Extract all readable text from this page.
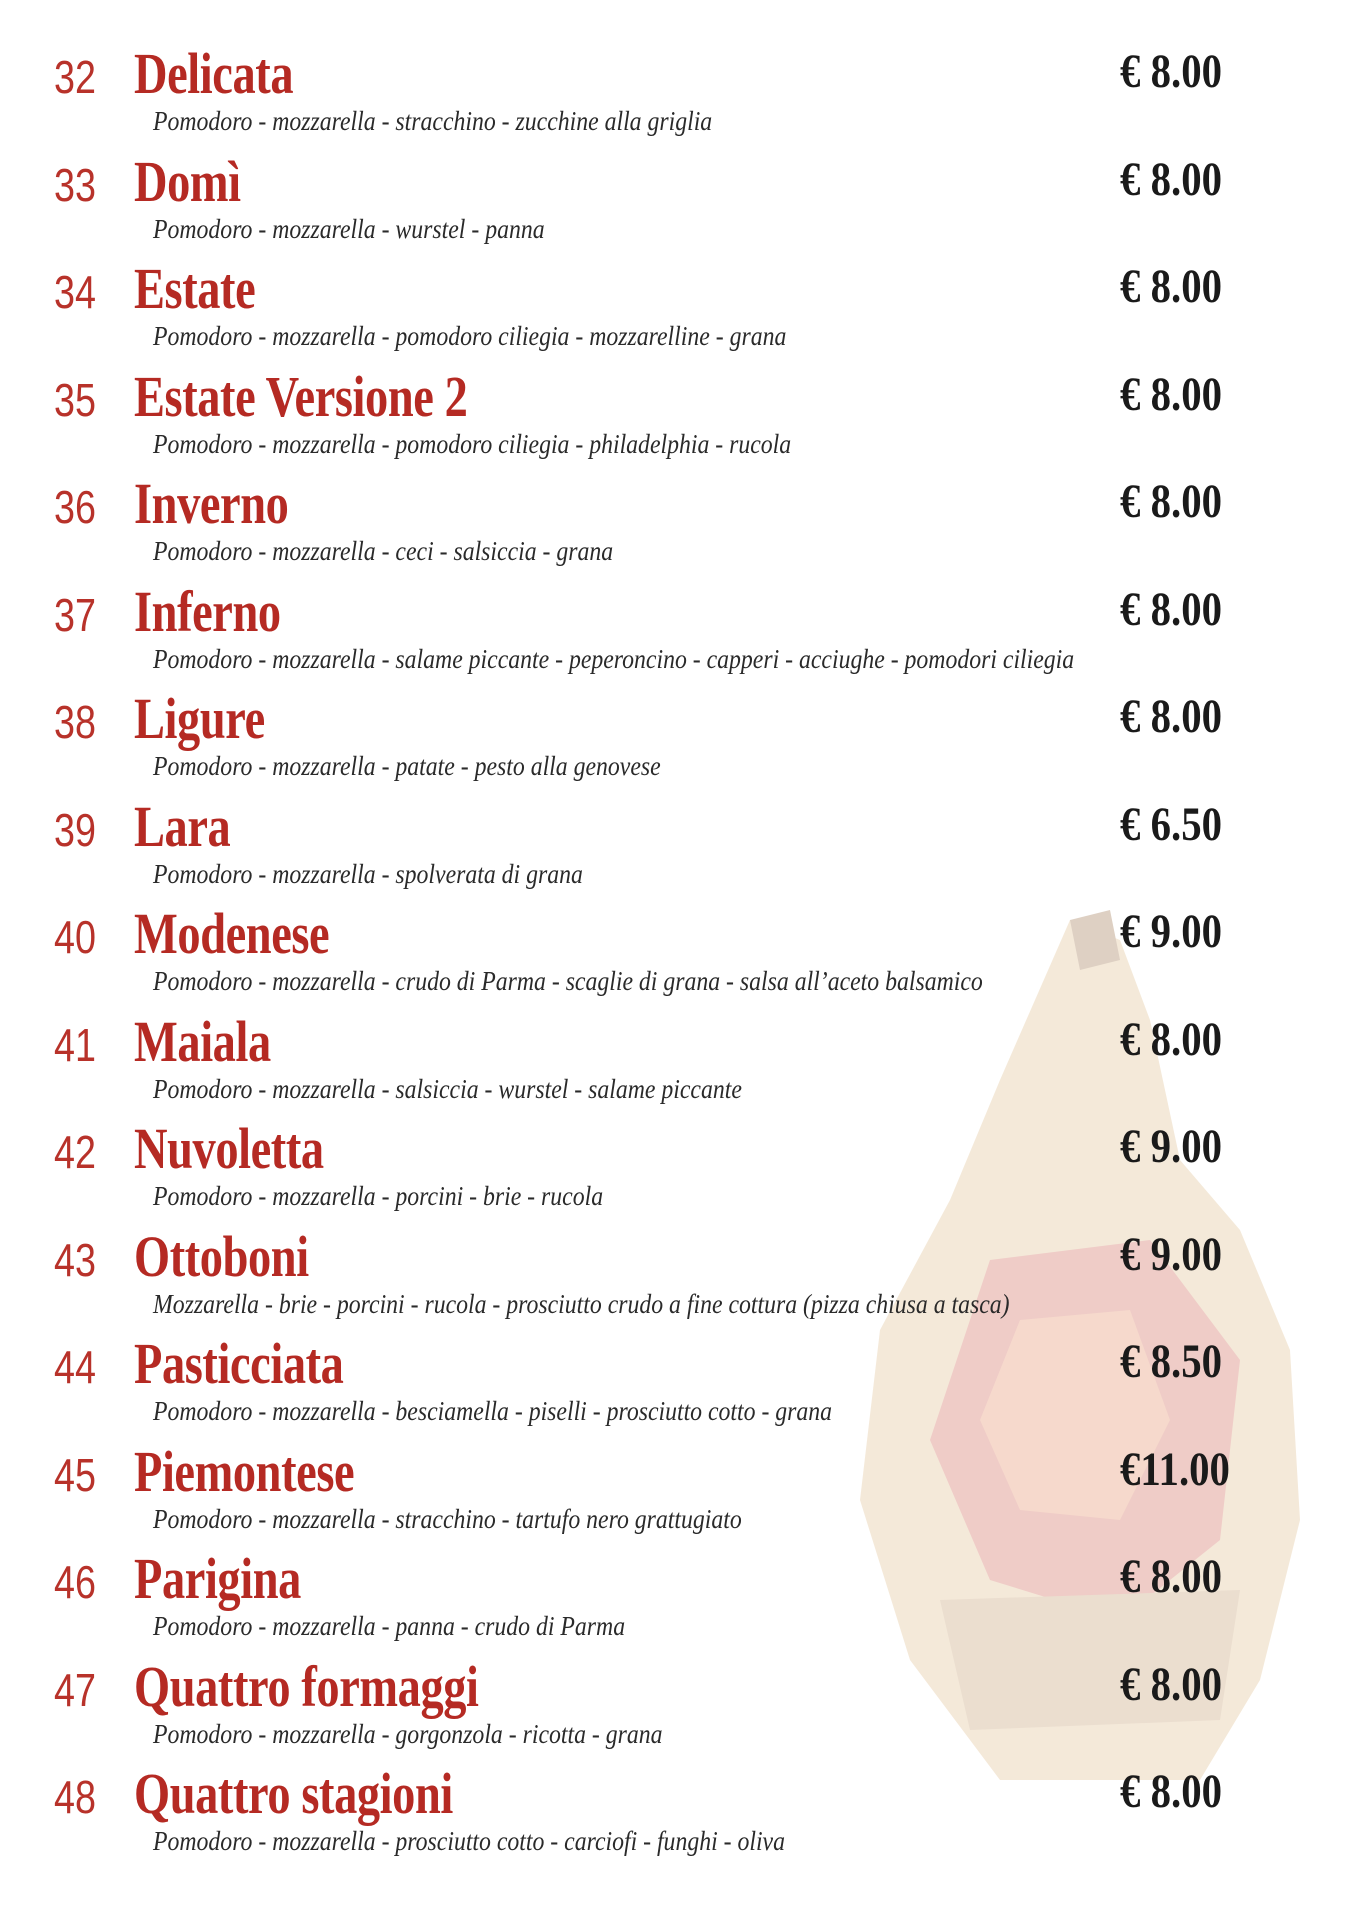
32 Delicata
Pomodoro - mozzarella - stracchino - zucchine alla griglia
€ 8.00
33 Domì
Pomodoro - mozzarella - wurstel - panna
€ 8.00
34 Estate
Pomodoro - mozzarella - pomodoro ciliegia - mozzarelline - grana
€ 8.00
35 Estate Versione 2
Pomodoro - mozzarella - pomodoro ciliegia - philadelphia - rucola
€ 8.00
36 Inverno
Pomodoro - mozzarella - ceci - salsiccia - grana
€ 8.00
37 Inferno
Pomodoro - mozzarella - salame piccante - peperoncino - capperi - acciughe - pomodori ciliegia
€ 8.00
38 Ligure
Pomodoro - mozzarella - patate - pesto alla genovese
€ 8.00
39 Lara
Pomodoro - mozzarella - spolverata di grana
€ 6.50
40 Modenese
Pomodoro - mozzarella - crudo di Parma - scaglie di grana - salsa all’aceto balsamico
€ 9.00
41 Maiala
Pomodoro - mozzarella - salsiccia - wurstel - salame piccante
€ 8.00
42 Nuvoletta
Pomodoro - mozzarella - porcini - brie - rucola
€ 9.00
43 Ottoboni
Mozzarella - brie - porcini - rucola - prosciutto crudo a fine cottura (pizza chiusa a tasca)
€ 9.00
44 Pasticciata
Pomodoro - mozzarella - besciamella - piselli - prosciutto cotto - grana
€ 8.50
45 Piemontese
Pomodoro - mozzarella - stracchino - tartufo nero grattugiato
€11.00
46 Parigina
Pomodoro - mozzarella - panna - crudo di Parma
€ 8.00
47 Quattro formaggi
Pomodoro - mozzarella - gorgonzola - ricotta - grana
€ 8.00
48 Quattro stagioni
Pomodoro - mozzarella - prosciutto cotto - carciofi - funghi - oliva
€ 8.00
